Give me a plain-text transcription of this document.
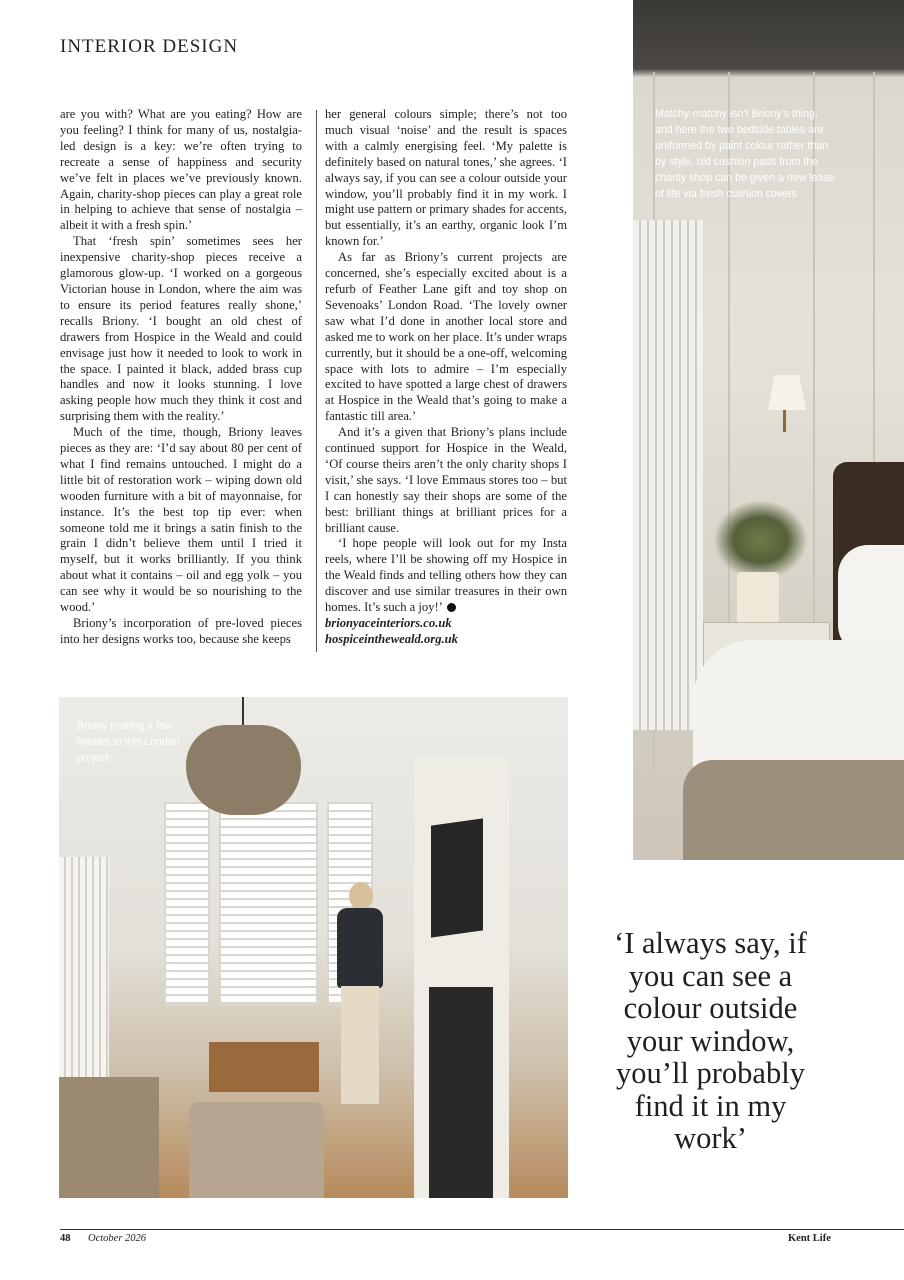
INTERIOR DESIGN

are you with? What are you eating? How are you feeling? I think for many of us, nostalgia-led design is a key: we’re often trying to recreate a sense of happiness and security we’ve felt in places we’ve previously known. Again, charity-shop pieces can play a great role in helping to achieve that sense of nostalgia – albeit it with a fresh spin.’

That ‘fresh spin’ sometimes sees her inexpensive charity-shop pieces receive a glamorous glow-up. ‘I worked on a gorgeous Victorian house in London, where the aim was to ensure its period features really shone,’ recalls Briony. ‘I bought an old chest of drawers from Hospice in the Weald and could envisage just how it needed to look to work in the space. I painted it black, added brass cup handles and now it looks stunning. I love asking people how much they think it cost and surprising them with the reality.’

Much of the time, though, Briony leaves pieces as they are: ‘I’d say about 80 per cent of what I find remains untouched. I might do a little bit of restoration work – wiping down old wooden furniture with a bit of mayonnaise, for instance. It’s the best top tip ever: when someone told me it brings a satin finish to the grain I didn’t believe them until I tried it myself, but it works brilliantly. If you think about what it contains – oil and egg yolk – you can see why it would be so nourishing to the wood.’

Briony’s incorporation of pre-loved pieces into her designs works too, because she keeps

her general colours simple; there’s not too much visual ‘noise’ and the result is spaces with a calmly energising feel. ‘My palette is definitely based on natural tones,’ she agrees. ‘I always say, if you can see a colour outside your window, you’ll probably find it in my work. I might use pattern or primary shades for accents, but essentially, it’s an earthy, organic look I’m known for.’

As far as Briony’s current projects are concerned, she’s especially excited about is a refurb of Feather Lane gift and toy shop on Sevenoaks’ London Road. ‘The lovely owner saw what I’d done in another local store and asked me to work on her place. It’s under wraps currently, but it should be a one-off, welcoming space with lots to admire – I’m especially excited to have spotted a large chest of drawers at Hospice in the Weald that’s going to make a fantastic till area.’

And it’s a given that Briony’s plans include continued support for Hospice in the Weald, ‘Of course theirs aren’t the only charity shops I visit,’ she says. ‘I love Emmaus stores too – but I can honestly say their shops are some of the best: brilliant things at brilliant prices for a brilliant cause.

‘I hope people will look out for my Insta reels, where I’ll be showing off my Hospice in the Weald finds and telling others how they can discover and use similar treasures in their own homes. It’s such a joy!’

brionyaceinteriors.co.uk
hospiceintheweald.org.uk
Matchy-matchy isn’t Briony’s thing, and here the two bedside tables are uniformed by paint colour rather than by style, old cushion pads from the charity shop can be given a new lease of life via fresh cushion covers
Briony making a few tweaks to this London project
‘I always say, if you can see a colour outside your window, you’ll probably find it in my work’
48 October 2026	Kent Life
